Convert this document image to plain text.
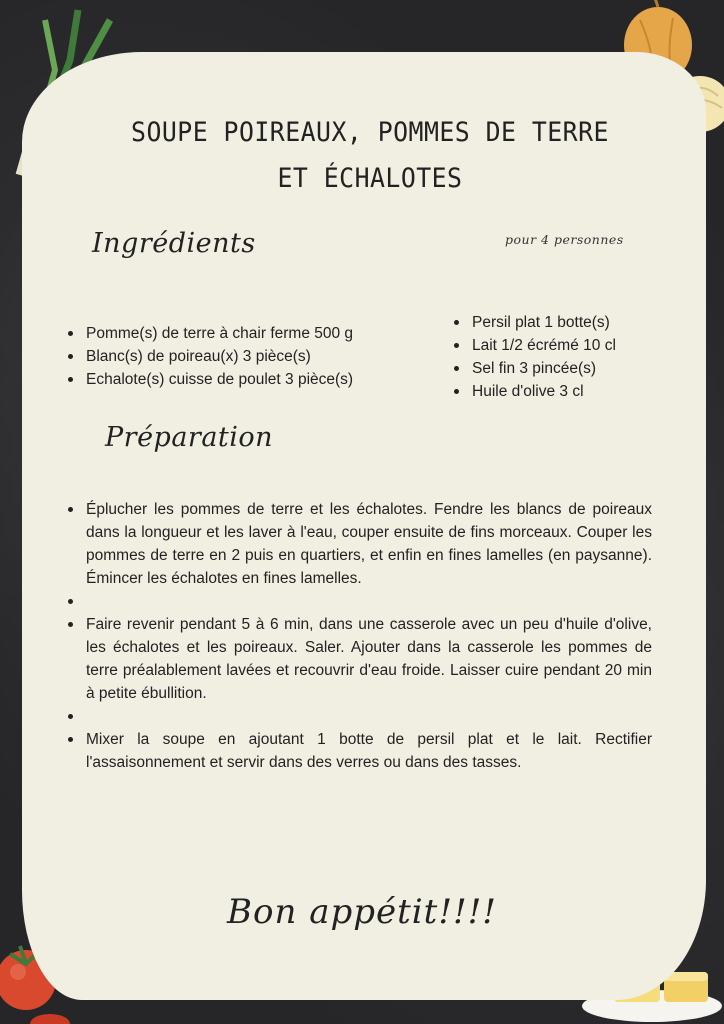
SOUPE POIREAUX, POMMES DE TERRE
ET ÉCHALOTES
Ingrédients	pour 4 personnes
Pomme(s) de terre à chair ferme 500 g
Blanc(s) de poireau(x) 3 pièce(s)
Echalote(s) cuisse de poulet 3 pièce(s)
Persil plat 1 botte(s)
Lait 1/2 écrémé 10 cl
Sel fin 3 pincée(s)
Huile d'olive 3 cl
Préparation
Éplucher les pommes de terre et les échalotes. Fendre les blancs de poireaux dans la longueur et les laver à l'eau, couper ensuite de fins morceaux. Couper les pommes de terre en 2 puis en quartiers, et enfin en fines lamelles (en paysanne). Émincer les échalotes en fines lamelles.
Faire revenir pendant 5 à 6 min, dans une casserole avec un peu d'huile d'olive, les échalotes et les poireaux. Saler. Ajouter dans la casserole les pommes de terre préalablement lavées et recouvrir d'eau froide. Laisser cuire pendant 20 min à petite ébullition.
Mixer la soupe en ajoutant 1 botte de persil plat et le lait. Rectifier l'assaisonnement et servir dans des verres ou dans des tasses.
Bon appétit!!!!
